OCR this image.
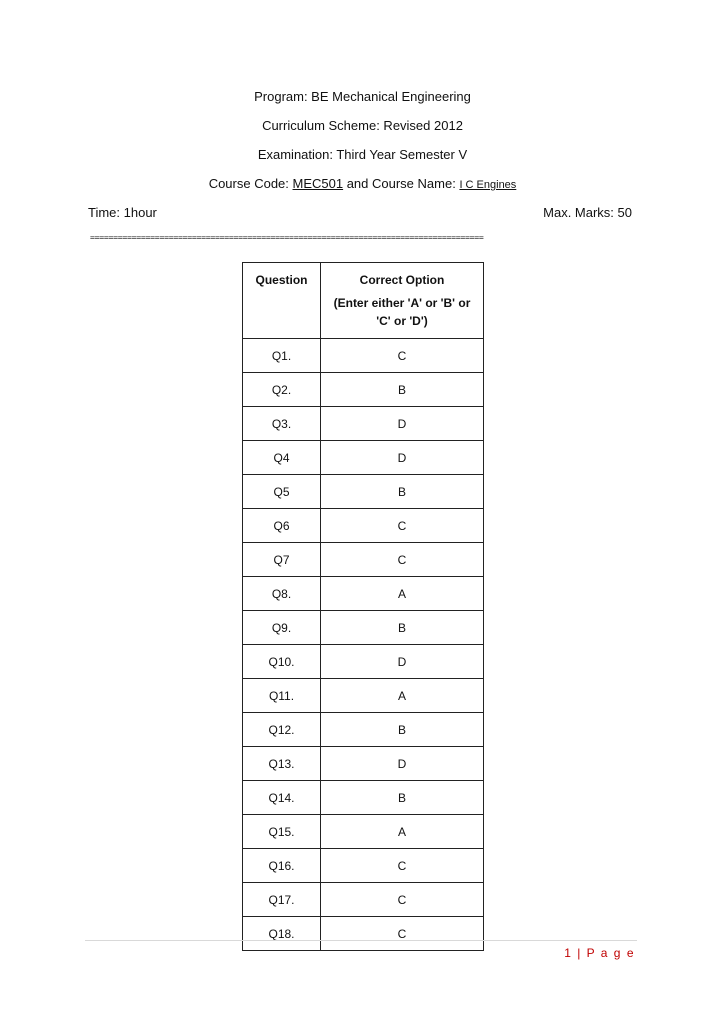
Program: BE Mechanical Engineering
Curriculum Scheme: Revised 2012
Examination: Third Year Semester V
Course Code: MEC501 and Course Name: I C Engines
Time: 1hour	Max. Marks: 50
=====================================================================================
Question	Correct Option
(Enter either 'A' or 'B' or 'C' or 'D')

Q1.	C
Q2.	B
Q3.	D
Q4	D
Q5	B
Q6	C
Q7	C
Q8.	A
Q9.	B
Q10.	D
Q11.	A
Q12.	B
Q13.	D
Q14.	B
Q15.	A
Q16.	C
Q17.	C
Q18.	C
1 | P a g e
